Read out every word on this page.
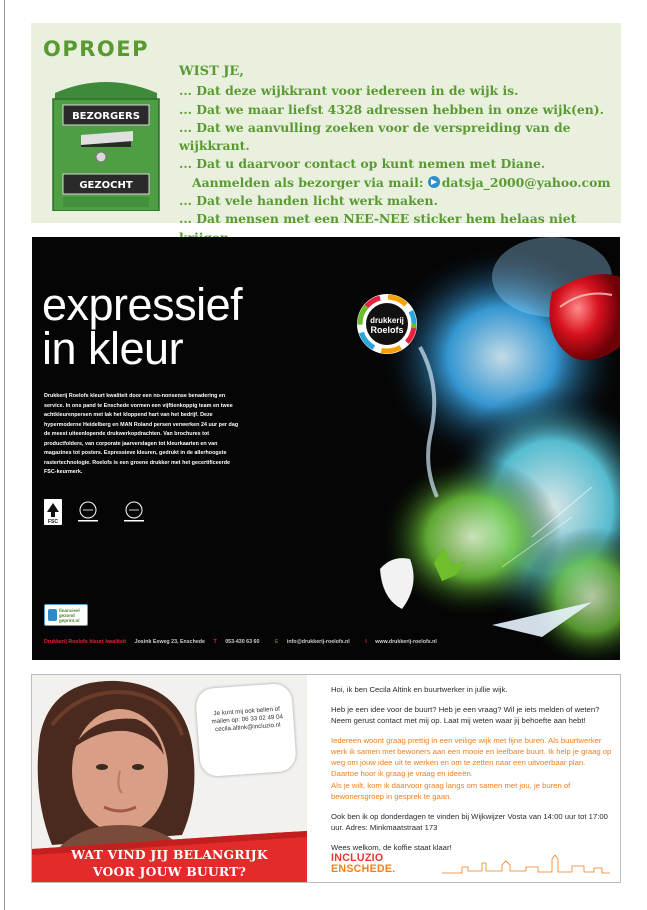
OPROEP
BEZORGERS
GEZOCHT
WIST JE,
... Dat deze wijkkrant voor iedereen in de wijk is.
... Dat we maar liefst 4328 adressen hebben in onze wijk(en).
... Dat we aanvulling zoeken voor de verspreiding van de wijkkrant.
... Dat u daarvoor contact op kunt nemen met Diane.
Aanmelden als bezorger via mail: datsja_2000@yahoo.com
... Dat vele handen licht werk maken.
... Dat mensen met een NEE-NEE sticker hem helaas niet
expressief
in kleur
drukkerij
Roelofs
Drukkerij Roelofs kleurt kwaliteit door een no-nonsense benadering en service. In ons pand te Enschede vormen een vijftienkoppig team en twee achtkleurenpersen met lak het kloppend hart van het bedrijf. Deze hypermoderne Heidelberg en MAN Roland persen verwerken 24 uur per dag de meest uiteenlopende drukwerkopdrachten. Van brochures tot productfolders, van corporate jaarverslagen tot kleurkaarten en van magazines tot posters. Expressieve kleuren, gedrukt in de allerhoogste rastertechnologie. Roelofs is een groene drukker met het gecertificeerde FSC-keurmerk.
FSC
financieel gezond geprint.nl
Drukkerij Roelofs kleurt kwaliteit Josink Esweg 23, Enschede T 053-430 63 60	E info@drukkerij-roelofs.nl	I www.drukkerij-roelofs.nl
Je kunt mij ook bellen of mailen op: 06 33 02 49 04 cecila.altink@incluzio.nl
WAT VIND JIJ BELANGRIJK
VOOR JOUW BUURT?

Hoi, ik ben Cecila Altink en buurtwerker in jullie wijk.

Heb je een idee voor de buurt? Heb je een vraag? Wil je iets melden of weten? Neem gerust contact met mij op. Laat mij weten waar jij behoefte aan hebt!

Iedereen woont graag prettig in een veilige wijk met fijne buren. Als buurtwerker werk ik samen met bewoners aan een mooie en leefbare buurt. Ik help je graag op weg om jouw idee uit te werken en om te zetten naar een uitvoerbaar plan. Daartoe hoor ik graag je vraag en ideeën.

Als je wilt, kom ik daarvoor graag langs om samen met jou, je buren of bewonersgroep in gesprek te gaan.

Ook ben ik op donderdagen te vinden bij Wijkwijzer Vosta van 14:00 uur tot 17:00 uur. Adres: Minkmaatstraat 173

Wees welkom, de koffie staat klaar!

INCLUZIO
ENSCHEDE.
